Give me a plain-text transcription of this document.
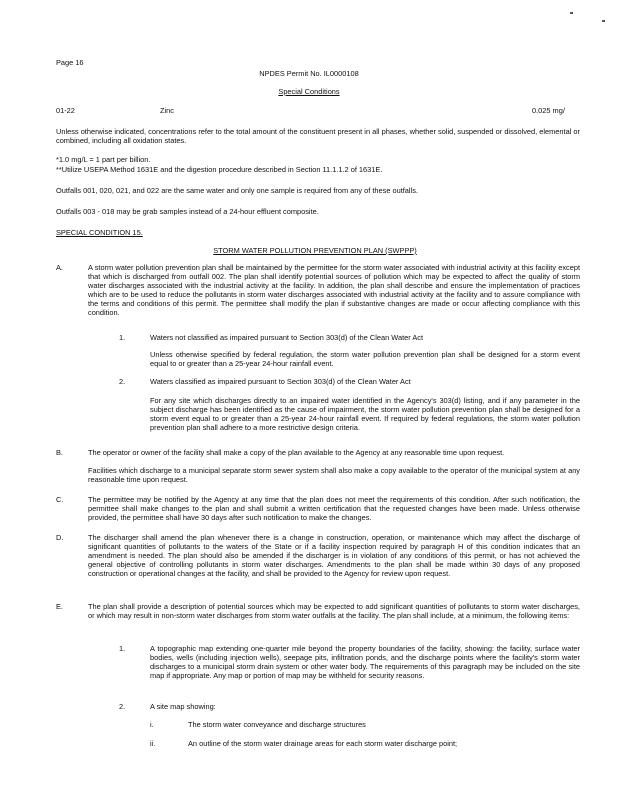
Page 16
NPDES Permit No. IL0000108
Special Conditions
01-22	Zinc	0.025 mg/
Unless otherwise indicated, concentrations refer to the total amount of the constituent present in all phases, whether solid, suspended or dissolved, elemental or combined, including all oxidation states.
*1.0 mg/L = 1 part per billion.
**Utilize USEPA Method 1631E and the digestion procedure described in Section 11.1.1.2 of 1631E.
Outfalls 001, 020, 021, and 022 are the same water and only one sample is required from any of these outfalls.
Outfalls 003 - 018 may be grab samples instead of a 24-hour effluent composite.
SPECIAL CONDITION 15.
STORM WATER POLLUTION PREVENTION PLAN (SWPPP)
A.	A storm water pollution prevention plan shall be maintained by the permittee for the storm water associated with industrial activity at this facility except that which is discharged from outfall 002. The plan shall identify potential sources of pollution which may be expected to affect the quality of storm water discharges associated with the industrial activity at the facility. In addition, the plan shall describe and ensure the implementation of practices which are to be used to reduce the pollutants in storm water discharges associated with industrial activity at the facility and to assure compliance with the terms and conditions of this permit. The permittee shall modify the plan if substantive changes are made or occur affecting compliance with this condition.
1.	Waters not classified as impaired pursuant to Section 303(d) of the Clean Water Act
Unless otherwise specified by federal regulation, the storm water pollution prevention plan shall be designed for a storm event equal to or greater than a 25-year 24-hour rainfall event.
2.	Waters classified as impaired pursuant to Section 303(d) of the Clean Water Act
For any site which discharges directly to an impaired water identified in the Agency's 303(d) listing, and if any parameter in the subject discharge has been identified as the cause of impairment, the storm water pollution prevention plan shall be designed for a storm event equal to or greater than a 25-year 24-hour rainfall event. If required by federal regulations, the storm water pollution prevention plan shall adhere to a more restrictive design criteria.
B.	The operator or owner of the facility shall make a copy of the plan available to the Agency at any reasonable time upon request.
Facilities which discharge to a municipal separate storm sewer system shall also make a copy available to the operator of the municipal system at any reasonable time upon request.
C.	The permittee may be notified by the Agency at any time that the plan does not meet the requirements of this condition. After such notification, the permittee shall make changes to the plan and shall submit a written certification that the requested changes have been made. Unless otherwise provided, the permittee shall have 30 days after such notification to make the changes.
D.	The discharger shall amend the plan whenever there is a change in construction, operation, or maintenance which may affect the discharge of significant quantities of pollutants to the waters of the State or if a facility inspection required by paragraph H of this condition indicates that an amendment is needed. The plan should also be amended if the discharger is in violation of any conditions of this permit, or has not achieved the general objective of controlling pollutants in storm water discharges. Amendments to the plan shall be made within 30 days of any proposed construction or operational changes at the facility, and shall be provided to the Agency for review upon request.
E.	The plan shall provide a description of potential sources which may be expected to add significant quantities of pollutants to storm water discharges, or which may result in non-storm water discharges from storm water outfalls at the facility. The plan shall include, at a minimum, the following items:
1.	A topographic map extending one-quarter mile beyond the property boundaries of the facility, showing: the facility, surface water bodies, wells (including injection wells), seepage pits, infiltration ponds, and the discharge points where the facility's storm water discharges to a municipal storm drain system or other water body. The requirements of this paragraph may be included on the site map if appropriate. Any map or portion of map may be withheld for security reasons.
2.	A site map showing:
i.	The storm water conveyance and discharge structures
ii.	An outline of the storm water drainage areas for each storm water discharge point;
